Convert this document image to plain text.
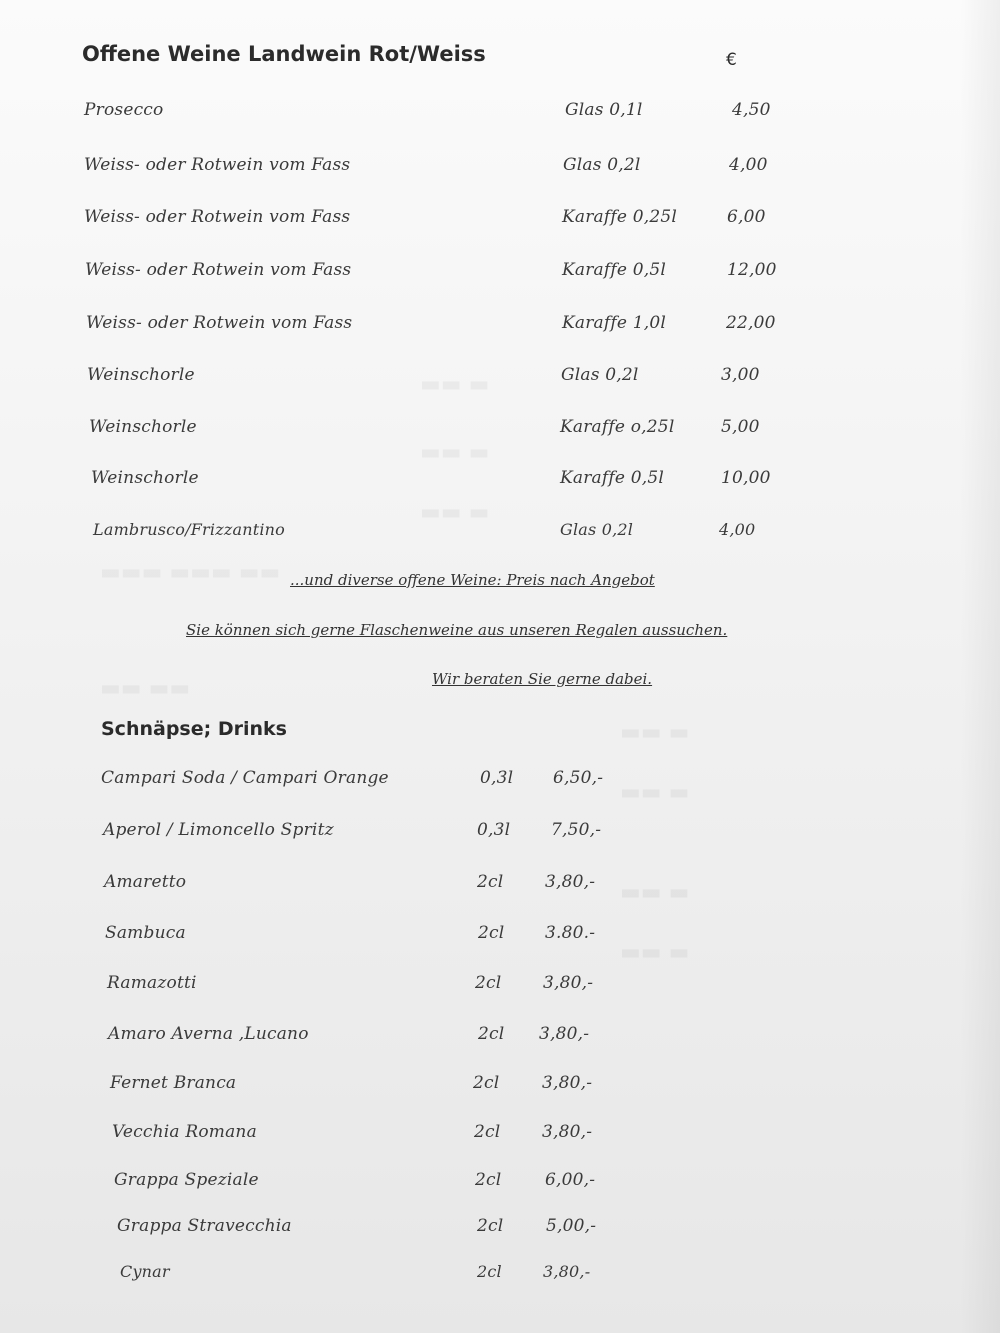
Offene Weine Landwein Rot/Weiss	€
Prosecco	Glas 0,1l	4,50
Weiss- oder Rotwein vom Fass	Glas 0,2l	4,00
Weiss- oder Rotwein vom Fass	Karaffe 0,25l	6,00
Weiss- oder Rotwein vom Fass	Karaffe 0,5l	12,00
Weiss- oder Rotwein vom Fass	Karaffe 1,0l	22,00
Weinschorle	Glas 0,2l	3,00
Weinschorle	Karaffe o,25l	5,00
Weinschorle	Karaffe 0,5l	10,00
Lambrusco/Frizzantino	Glas 0,2l	4,00
...und diverse offene Weine: Preis nach Angebot
Sie können sich gerne Flaschenweine aus unseren Regalen aussuchen.
Wir beraten Sie gerne dabei.
Schnäpse; Drinks
Campari Soda / Campari Orange	0,3l 6,50,-
Aperol / Limoncello Spritz	0,3l 7,50,-
Amaretto	2cl 3,80,-
Sambuca	2cl 3.80.-
Ramazotti	2cl 3,80,-
Amaro Averna ,Lucano	2cl 3,80,-
Fernet Branca	2cl	3,80,-
Vecchia Romana	2cl 3,80,-
Grappa Speziale	2cl	6,00,-
Grappa Stravecchia	2cl	5,00,-
Cynar	2cl	3,80,-
